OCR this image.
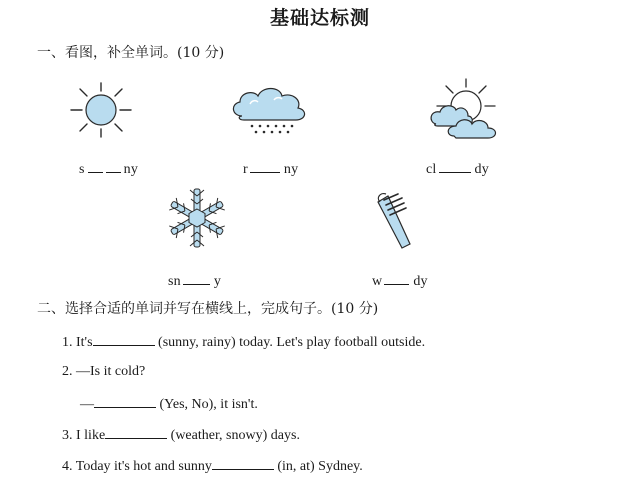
基础达标测
一、看图，补全单词。(10 分)
s	ny	r	ny	cl	dy
sn y	w dy
二、选择合适的单词并写在横线上，完成句子。(10 分)
1. It's	(sunny, rainy) today. Let's play football outside.
2. —Is it cold?
—	(Yes, No), it isn't.
3. I like	(weather, snowy) days.
4. Today it's hot and sunny	(in, at) Sydney.
